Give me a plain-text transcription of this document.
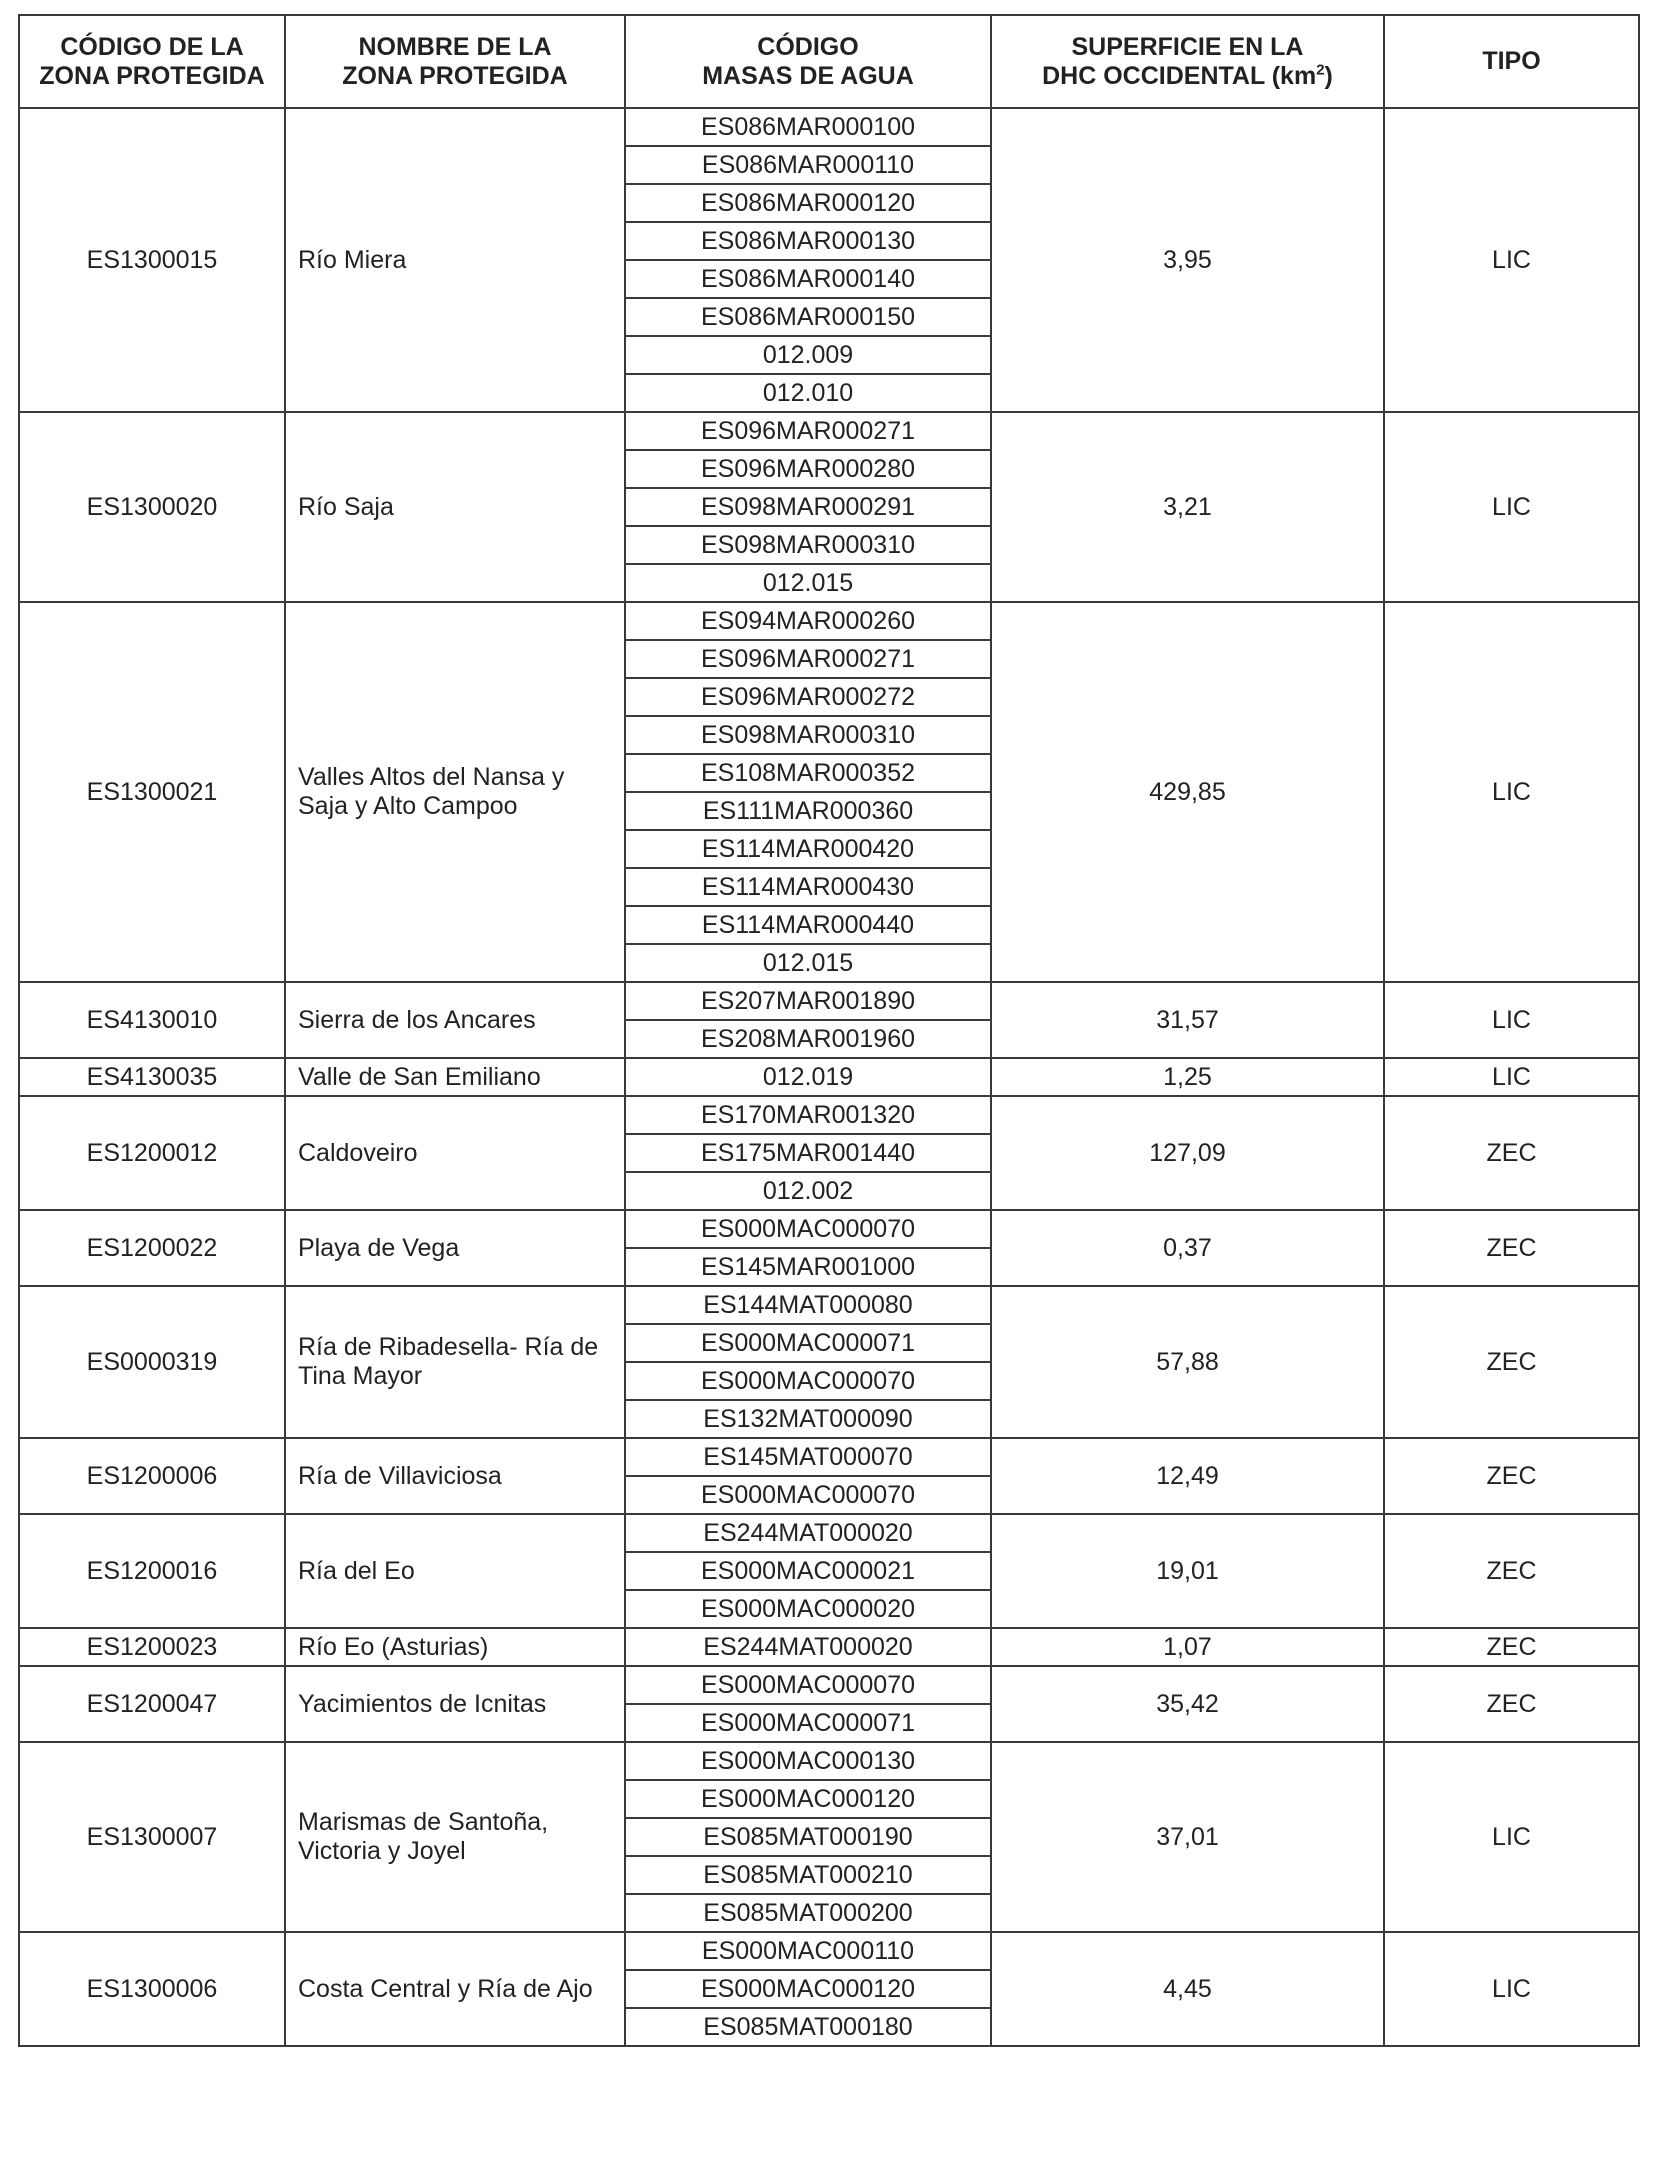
CÓDIGO DE LA
ZONA PROTEGIDA	NOMBRE DE LA
ZONA PROTEGIDA	CÓDIGO
MASAS DE AGUA	SUPERFICIE EN LA
DHC OCCIDENTAL $(km^2)$	TIPO
ES1300015	Río Miera	ES086MAR000100	3,95	LIC
		ES086MAR000110		
		ES086MAR000120		
		ES086MAR000130		
		ES086MAR000140		
		ES086MAR000150		
		012.009		
		012.010		
ES1300020	Río Saja	ES096MAR000271	3,21	LIC
		ES096MAR000280		
		ES098MAR000291		
		ES098MAR000310		
		012.015		
ES1300021	Valles Altos del Nansa y Saja y Alto Campoo	ES094MAR000260	429,85	LIC
		ES096MAR000271		
		ES096MAR000272		
		ES098MAR000310		
		ES108MAR000352		
		ES111MAR000360		
		ES114MAR000420		
		ES114MAR000430		
		ES114MAR000440		
		012.015		
ES4130010	Sierra de los Ancares	ES207MAR001890	31,57	LIC
		ES208MAR001960		
ES4130035	Valle de San Emiliano	012.019	1,25	LIC
ES1200012	Caldoveiro	ES170MAR001320	127,09	ZEC
		ES175MAR001440		
		012.002		
ES1200022	Playa de Vega	ES000MAC000070	0,37	ZEC
		ES145MAR001000		
ES0000319	Ría de Ribadesella- Ría de Tina Mayor	ES144MAT000080	57,88	ZEC
		ES000MAC000071		
		ES000MAC000070		
		ES132MAT000090		
ES1200006	Ría de Villaviciosa	ES145MAT000070	12,49	ZEC
		ES000MAC000070		
ES1200016	Ría del Eo	ES244MAT000020	19,01	ZEC
		ES000MAC000021		
		ES000MAC000020		
ES1200023	Río Eo (Asturias)	ES244MAT000020	1,07	ZEC
ES1200047	Yacimientos de Icnitas	ES000MAC000070	35,42	ZEC
		ES000MAC000071		
ES1300007	Marismas de Santoña, Victoria y Joyel	ES000MAC000130	37,01	LIC
		ES000MAC000120		
		ES085MAT000190		
		ES085MAT000210		
		ES085MAT000200		
ES1300006	Costa Central y Ría de Ajo	ES000MAC000110	4,45	LIC
		ES000MAC000120		
		ES085MAT000180		
